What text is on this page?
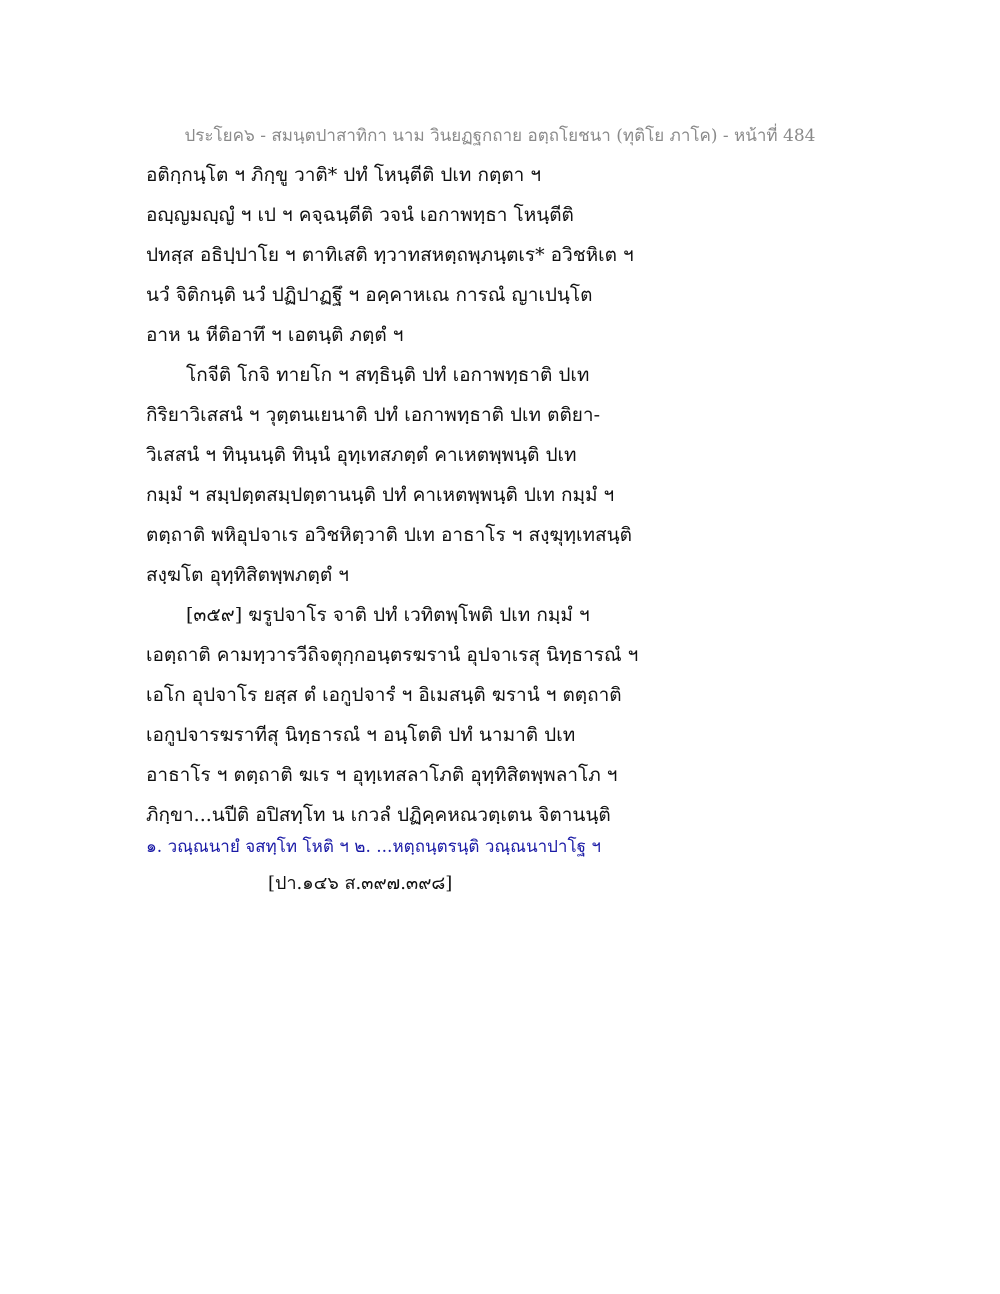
ประโยค๖ - สมนฺตปาสาทิกา นาม วินยฏฐกถาย อตฺถโยชนา (ทุติโย ภาโค) - หน้าที่ 484
อติกฺกนฺโต ฯ ภิกฺขู วาติ* ปทํ โหนฺตีติ ปเท กตฺตา ฯ
อญฺญมญฺญํ ฯ เป ฯ คจฺฉนฺตีติ วจนํ เอกาพทฺธา โหนฺตีติ
ปทสฺส อธิปฺปาโย ฯ ตาทิเสติ ทฺวาทสหตฺถพฺภนฺตเร* อวิชหิเต ฯ
นวํ จิติกนฺติ นวํ ปฏิปาฏฐึ ฯ อคฺคาหเณ การณํ ญาเปนฺโต
อาห น หีติอาทึ ฯ เอตนฺติ ภตฺตํ ฯ
โกจีติ โกจิ ทายโก ฯ สทฺธินฺติ ปทํ เอกาพทฺธาติ ปเท
กิริยาวิเสสนํ ฯ วุตฺตนเยนาติ ปทํ เอกาพทฺธาติ ปเท ตติยา-
วิเสสนํ ฯ ทินฺนนฺติ ทินฺนํ อุทฺเทสภตฺตํ คาเหตพฺพนฺติ ปเท
กมฺมํ ฯ สมฺปตฺตสมฺปตฺตานนฺติ ปทํ คาเหตพฺพนฺติ ปเท กมฺมํ ฯ
ตตฺถาติ พหิอุปจาเร อวิชหิตฺวาติ ปเท อาธาโร ฯ สงฺฆุทฺเทสนฺติ
สงฺฆโต อุทฺทิสิตพฺพภตฺตํ ฯ
[๓๕๙] ฆรูปจาโร จาติ ปทํ เวทิตพฺโพติ ปเท กมฺมํ ฯ
เอตฺถาติ คามทฺวารวีถิจตุกฺกอนฺตรฆรานํ อุปจาเรสุ นิทฺธารณํ ฯ
เอโก อุปจาโร ยสฺส ตํ เอกูปจารํ ฯ อิเมสนฺติ ฆรานํ ฯ ตตฺถาติ
เอกูปจารฆราทีสุ นิทฺธารณํ ฯ อนฺโตติ ปทํ นามาติ ปเท
อาธาโร ฯ ตตฺถาติ ฆเร ฯ อุทฺเทสลาโภติ อุทฺทิสิตพฺพลาโภ ฯ
ภิกฺขา...นปีติ อปิสทฺโท น เกวลํ ปฏิคฺคหณวตฺเตน จิตานนฺติ
๑. วณฺณนายํ จสทฺโท โหติ ฯ ๒. ...หตฺถนฺตรนฺติ วณฺณนาปาโฐ ฯ
[ปา.๑๔๖ ส.๓๙๗.๓๙๘]
